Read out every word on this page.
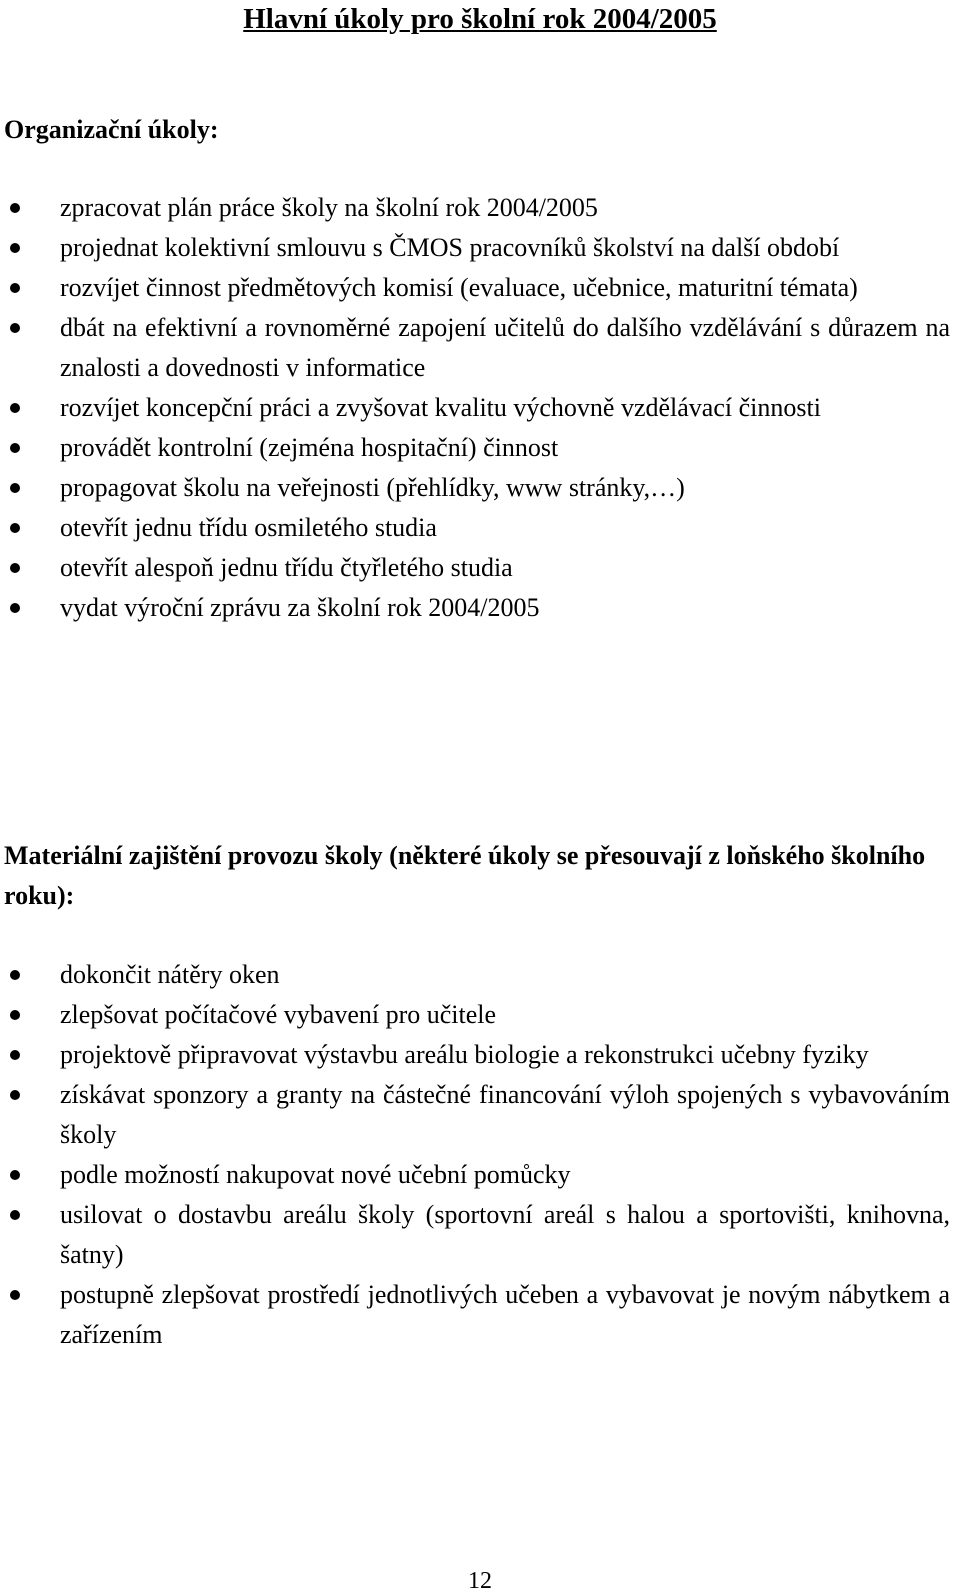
Hlavní úkoly pro školní rok 2004/2005
Organizační úkoly:
zpracovat plán práce školy na školní rok 2004/2005
projednat kolektivní smlouvu s ČMOS pracovníků školství na další období
rozvíjet činnost předmětových komisí (evaluace, učebnice, maturitní témata)
dbát na efektivní a rovnoměrné zapojení učitelů do dalšího vzdělávání s důrazem na znalosti a dovednosti v informatice
rozvíjet koncepční práci a zvyšovat kvalitu výchovně vzdělávací činnosti
provádět kontrolní (zejména hospitační) činnost
propagovat školu na veřejnosti (přehlídky, www stránky,…)
otevřít jednu třídu osmiletého studia
otevřít alespoň jednu třídu čtyřletého studia
vydat výroční zprávu za školní rok 2004/2005
Materiální zajištění provozu školy (některé úkoly se přesouvají z loňského školního roku):
dokončit nátěry oken
zlepšovat počítačové vybavení pro učitele
projektově připravovat výstavbu areálu biologie a rekonstrukci učebny fyziky
získávat sponzory a granty na částečné financování výloh spojených s vybavováním školy
podle možností nakupovat nové učební pomůcky
usilovat o dostavbu areálu školy (sportovní areál s halou a sportovišti, knihovna, šatny)
postupně zlepšovat prostředí jednotlivých učeben a vybavovat je novým nábytkem a zařízením
12
